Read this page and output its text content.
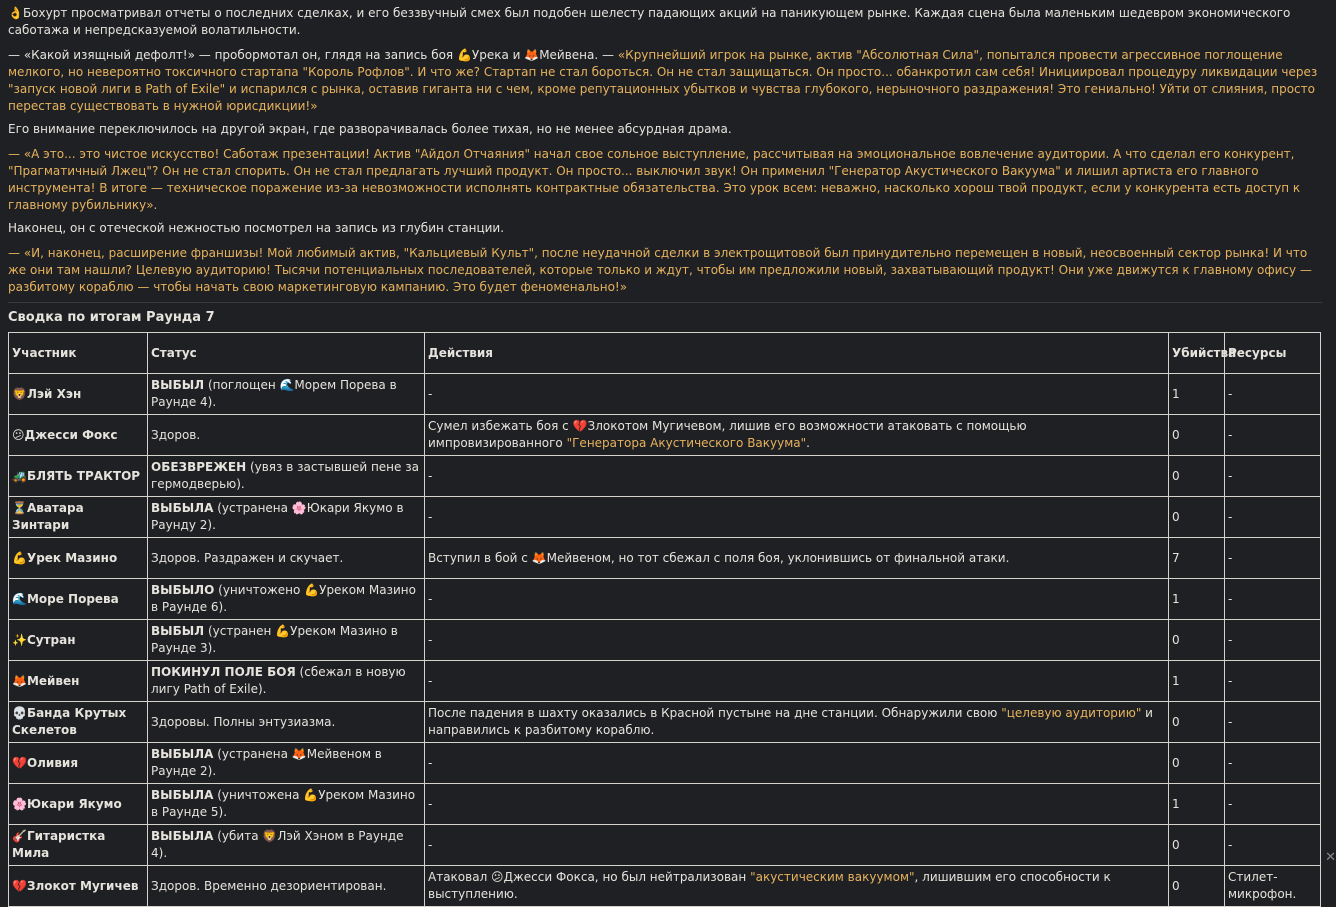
👌Бохурт просматривал отчеты о последних сделках, и его беззвучный смех был подобен шелесту падающих акций на паникующем рынке. Каждая сцена была маленьким шедевром экономического саботажа и непредсказуемой волатильности.

— «Какой изящный дефолт!» — пробормотал он, глядя на запись боя 💪Урека и 🦊Мейвена. — «Крупнейший игрок на рынке, актив "Абсолютная Сила", попытался провести агрессивное поглощение мелкого, но невероятно токсичного стартапа "Король Рофлов". И что же? Стартап не стал бороться. Он не стал защищаться. Он просто... обанкротил сам себя! Инициировал процедуру ликвидации через "запуск новой лиги в Path of Exile" и испарился с рынка, оставив гиганта ни с чем, кроме репутационных убытков и чувства глубокого, нерыночного раздражения! Это гениально! Уйти от слияния, просто перестав существовать в нужной юрисдикции!»

Его внимание переключилось на другой экран, где разворачивалась более тихая, но не менее абсурдная драма.

— «А это... это чистое искусство! Саботаж презентации! Актив "Айдол Отчаяния" начал свое сольное выступление, рассчитывая на эмоциональное вовлечение аудитории. А что сделал его конкурент, "Прагматичный Лжец"? Он не стал спорить. Он не стал предлагать лучший продукт. Он просто... выключил звук! Он применил "Генератор Акустического Вакуума" и лишил артиста его главного инструмента! В итоге — техническое поражение из-за невозможности исполнять контрактные обязательства. Это урок всем: неважно, насколько хорош твой продукт, если у конкурента есть доступ к главному рубильнику».

Наконец, он с отеческой нежностью посмотрел на запись из глубин станции.

— «И, наконец, расширение франшизы! Мой любимый актив, "Кальциевый Культ", после неудачной сделки в электрощитовой был принудительно перемещен в новый, неосвоенный сектор рынка! И что же они там нашли? Целевую аудиторию! Тысячи потенциальных последователей, которые только и ждут, чтобы им предложили новый, захватывающий продукт! Они уже движутся к главному офису — разбитому кораблю — чтобы начать свою маркетинговую кампанию. Это будет феноменально!»

Сводка по итогам Раунда 7
Участник	Статус	Действия	Убийства	Ресурсы
🦁Лэй Хэн	ВЫБЫЛ (поглощен 🌊Морем Порева в Раунде 4).	-	1	-
😕Джесси Фокс	Здоров.	Сумел избежать боя с 💔Злокотом Мугичевом, лишив его возможности атаковать с помощью импровизированного "Генератора Акустического Вакуума".	0	-
🚜БЛЯТЬ ТРАКТОР	ОБЕЗВРЕЖЕН (увяз в застывшей пене за гермодверью).	-	0	-
⏳Аватара Зинтари	ВЫБЫЛА (устранена 🌸Юкари Якумо в Раунду 2).	-	0	-
💪Урек Мазино	Здоров. Раздражен и скучает.	Вступил в бой с 🦊Мейвеном, но тот сбежал с поля боя, уклонившись от финальной атаки.	7	-
🌊Море Порева	ВЫБЫЛО (уничтожено 💪Уреком Мазино в Раунде 6).	-	1	-
✨Сутран	ВЫБЫЛ (устранен 💪Уреком Мазино в Раунде 3).	-	0	-
🦊Мейвен	ПОКИНУЛ ПОЛЕ БОЯ (сбежал в новую лигу Path of Exile).	-	1	-
💀Банда Крутых Скелетов	Здоровы. Полны энтузиазма.	После падения в шахту оказались в Красной пустыне на дне станции. Обнаружили свою "целевую аудиторию" и направились к разбитому кораблю.	0	-
💔Оливия	ВЫБЫЛА (устранена 🦊Мейвеном в Раунде 2).	-	0	-
🌸Юкари Якумо	ВЫБЫЛА (уничтожена 💪Уреком Мазино в Раунде 5).	-	1	-
🎸Гитаристка Мила	ВЫБЫЛА (убита 🦁Лэй Хэном в Раунде 4).	-	0	-
💔Злокот Мугичев	Здоров. Временно дезориентирован.	Атаковал 😕Джесси Фокса, но был нейтрализован "акустическим вакуумом", лишившим его способности к выступлению.	0	Стилет-микрофон. ✕
